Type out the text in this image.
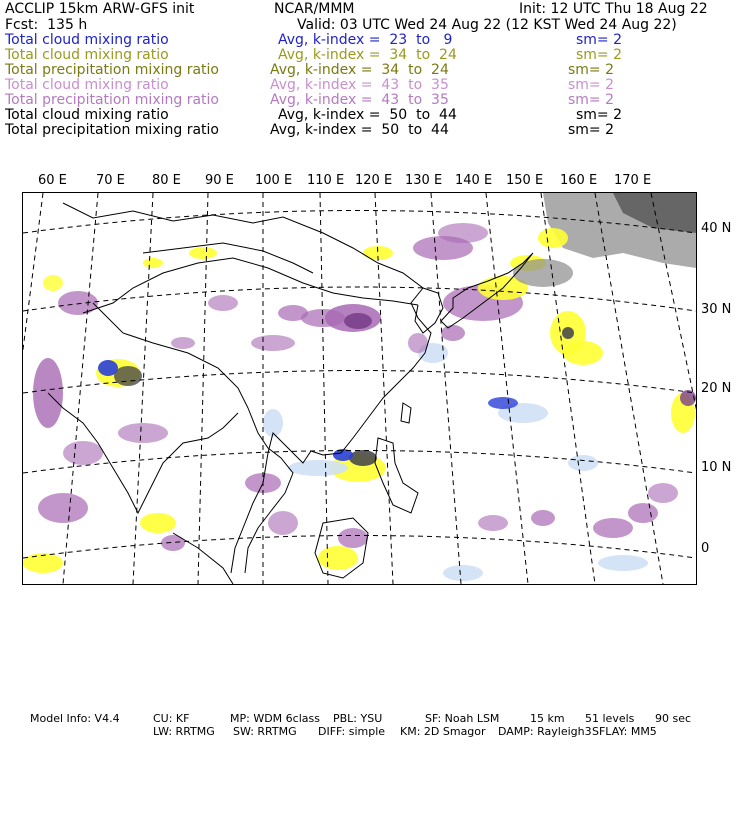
ACCLIP 15km ARW-GFS init	NCAR/MMM	Init: 12 UTC Thu 18 Aug 22
Fcst:  135 h	Valid: 03 UTC Wed 24 Aug 22 (12 KST Wed 24 Aug 22)
Total cloud mixing ratio	Avg, k-index =  23  to   9	sm= 2
Total cloud mixing ratio	Avg, k-index =  34  to  24	sm= 2
Total precipitation mixing ratio	Avg, k-index =  34  to  24	sm= 2
Total cloud mixing ratio	Avg, k-index =  43  to  35	sm= 2
Total precipitation mixing ratio	Avg, k-index =  43  to  35	sm= 2
Total cloud mixing ratio	Avg, k-index =  50  to  44	sm= 2
Total precipitation mixing ratio	Avg, k-index =  50  to  44	sm= 2
60 E 70 E 80 E 90 E 100 E 110 E 120 E 130 E 140 E 150 E 160 E 170 E
40 N
30 N
20 N
10 N
0

Model Info: V4.4

	CU: KF

	MP: WDM 6class

PBL: YSU

	SF: Noah LSM

	15 km

51 levels

90 sec

LW: RRTMG

SW: RRTMG

DIFF: simple

KM: 2D Smagor

DAMP: Rayleigh3

SFLAY: MM5
